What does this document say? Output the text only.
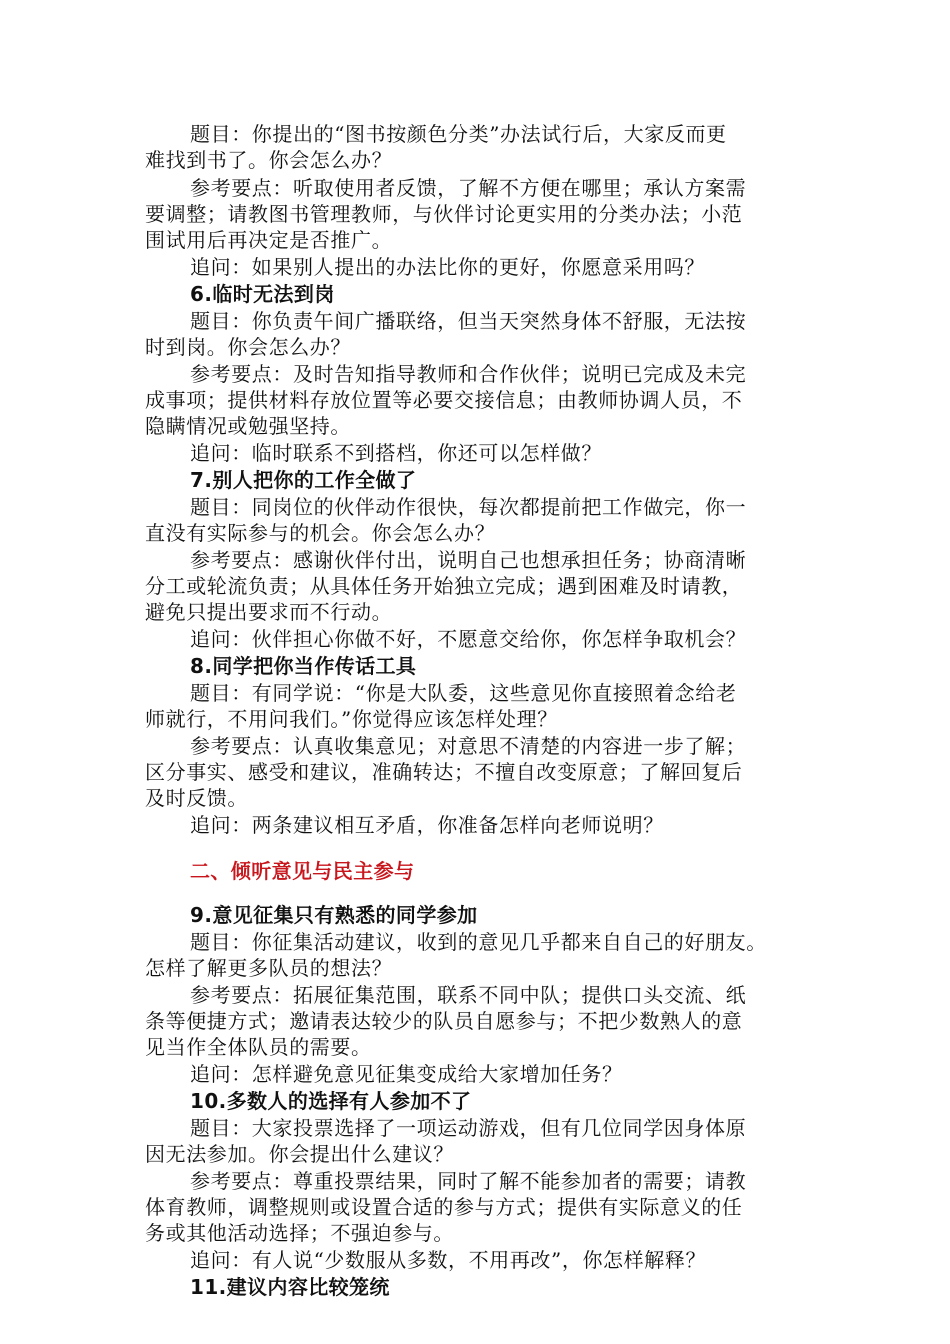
题目：你提出的“图书按颜色分类”办法试行后，大家反而更
难找到书了。你会怎么办？
参考要点：听取使用者反馈，了解不方便在哪里；承认方案需
要调整；请教图书管理教师，与伙伴讨论更实用的分类办法；小范
围试用后再决定是否推广。
追问：如果别人提出的办法比你的更好，你愿意采用吗？
6.临时无法到岗
题目：你负责午间广播联络，但当天突然身体不舒服，无法按
时到岗。你会怎么办？
参考要点：及时告知指导教师和合作伙伴；说明已完成及未完
成事项；提供材料存放位置等必要交接信息；由教师协调人员，不
隐瞒情况或勉强坚持。
追问：临时联系不到搭档，你还可以怎样做？
7.别人把你的工作全做了
题目：同岗位的伙伴动作很快，每次都提前把工作做完，你一
直没有实际参与的机会。你会怎么办？
参考要点：感谢伙伴付出，说明自己也想承担任务；协商清晰
分工或轮流负责；从具体任务开始独立完成；遇到困难及时请教，
避免只提出要求而不行动。
追问：伙伴担心你做不好，不愿意交给你，你怎样争取机会？
8.同学把你当作传话工具
题目：有同学说：“你是大队委，这些意见你直接照着念给老
师就行，不用问我们。”你觉得应该怎样处理？
参考要点：认真收集意见；对意思不清楚的内容进一步了解；
区分事实、感受和建议，准确转达；不擅自改变原意；了解回复后
及时反馈。
追问：两条建议相互矛盾，你准备怎样向老师说明？
二、倾听意见与民主参与
9.意见征集只有熟悉的同学参加
题目：你征集活动建议，收到的意见几乎都来自自己的好朋友。
怎样了解更多队员的想法？
参考要点：拓展征集范围，联系不同中队；提供口头交流、纸
条等便捷方式；邀请表达较少的队员自愿参与；不把少数熟人的意
见当作全体队员的需要。
追问：怎样避免意见征集变成给大家增加任务？
10.多数人的选择有人参加不了
题目：大家投票选择了一项运动游戏，但有几位同学因身体原
因无法参加。你会提出什么建议？
参考要点：尊重投票结果，同时了解不能参加者的需要；请教
体育教师，调整规则或设置合适的参与方式；提供有实际意义的任
务或其他活动选择；不强迫参与。
追问：有人说“少数服从多数，不用再改”，你怎样解释？
11.建议内容比较笼统
